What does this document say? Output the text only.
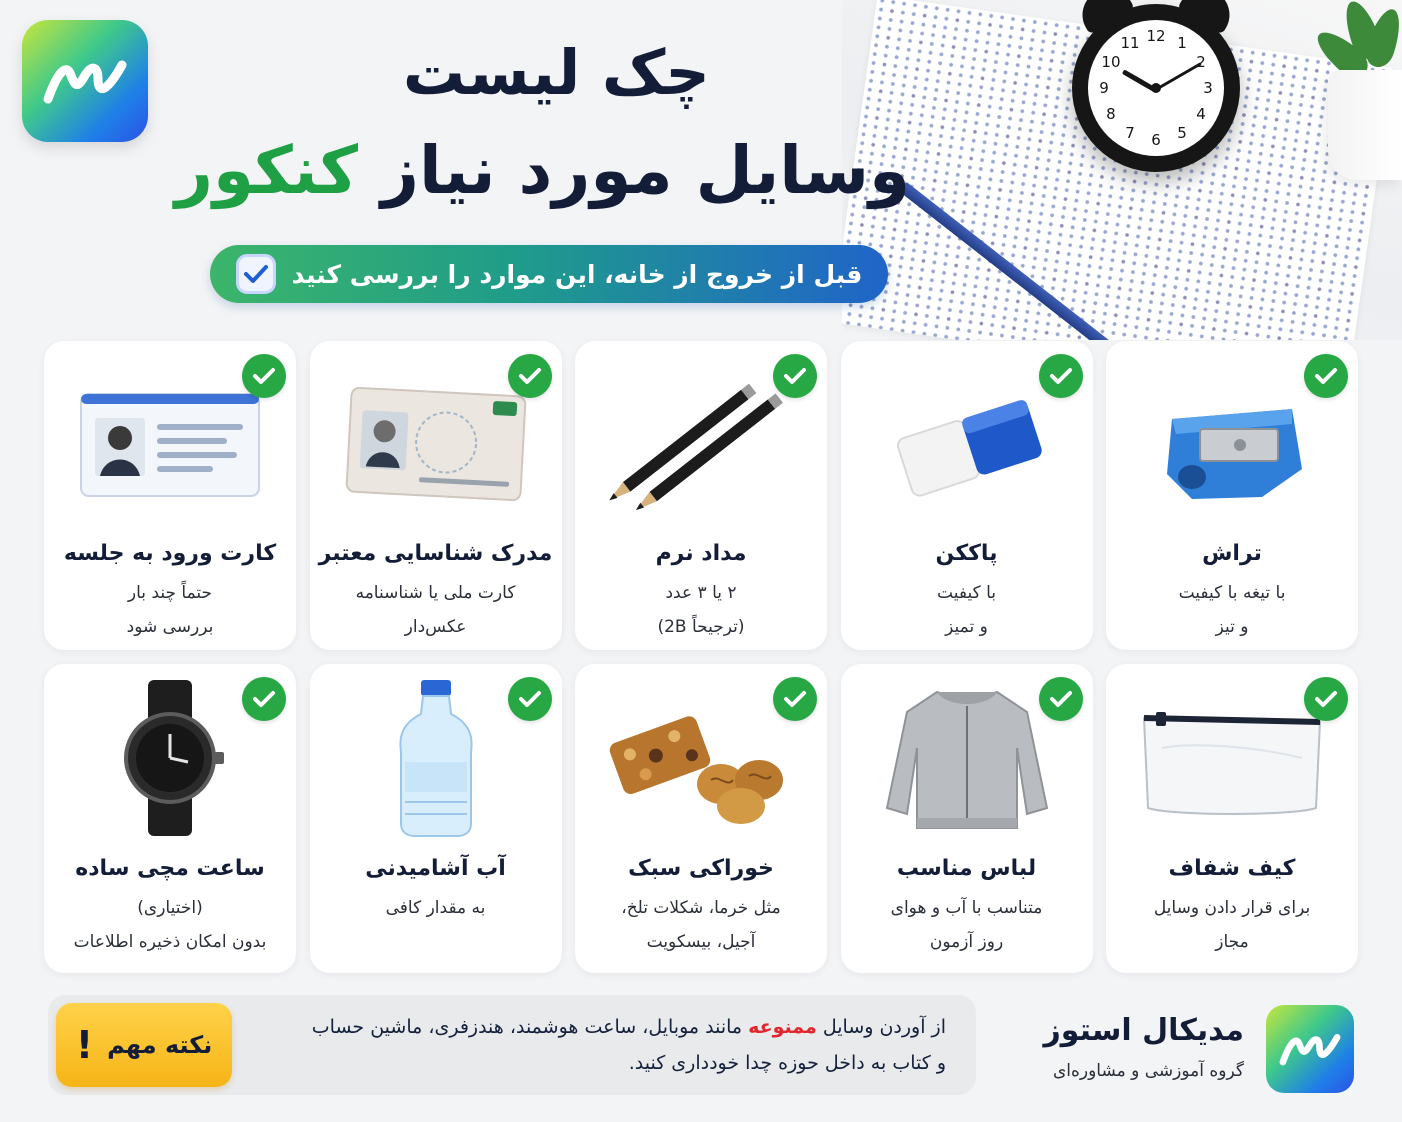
12 1
2
3
4
5
6
7
8
9
10
11
چک لیست
وسایل مورد نیاز کنکور
قبل از خروج از خانه، این موارد را بررسی کنید
تراش
با تیغه با کیفیت
و تیز
پاککن
با کیفیت
و تمیز
مداد نرم
۲ یا ۳ عدد
(ترجیحاً 2B)
مدرک شناسایی معتبر
کارت ملی یا شناسنامه
عکس‌دار
کارت ورود به جلسه
حتماً چند بار
بررسی شود
کیف شفاف
برای قرار دادن وسایل
مجاز
لباس مناسب
متناسب با آب و هوای
روز آزمون
خوراکی سبک
مثل خرما، شکلات تلخ،
آجیل، بیسکویت
آب آشامیدنی
به مقدار کافی
ساعت مچی ساده
(اختیاری)
بدون امکان ذخیره اطلاعات
از آوردن وسایل ممنوعه مانند موبایل، ساعت هوشمند، هندزفری، ماشین حساب
و کتاب به داخل حوزه چدا خودداری کنید.
نکته مهم
!	مدیکال استوز
گروه آموزشی و مشاوره‌ای
